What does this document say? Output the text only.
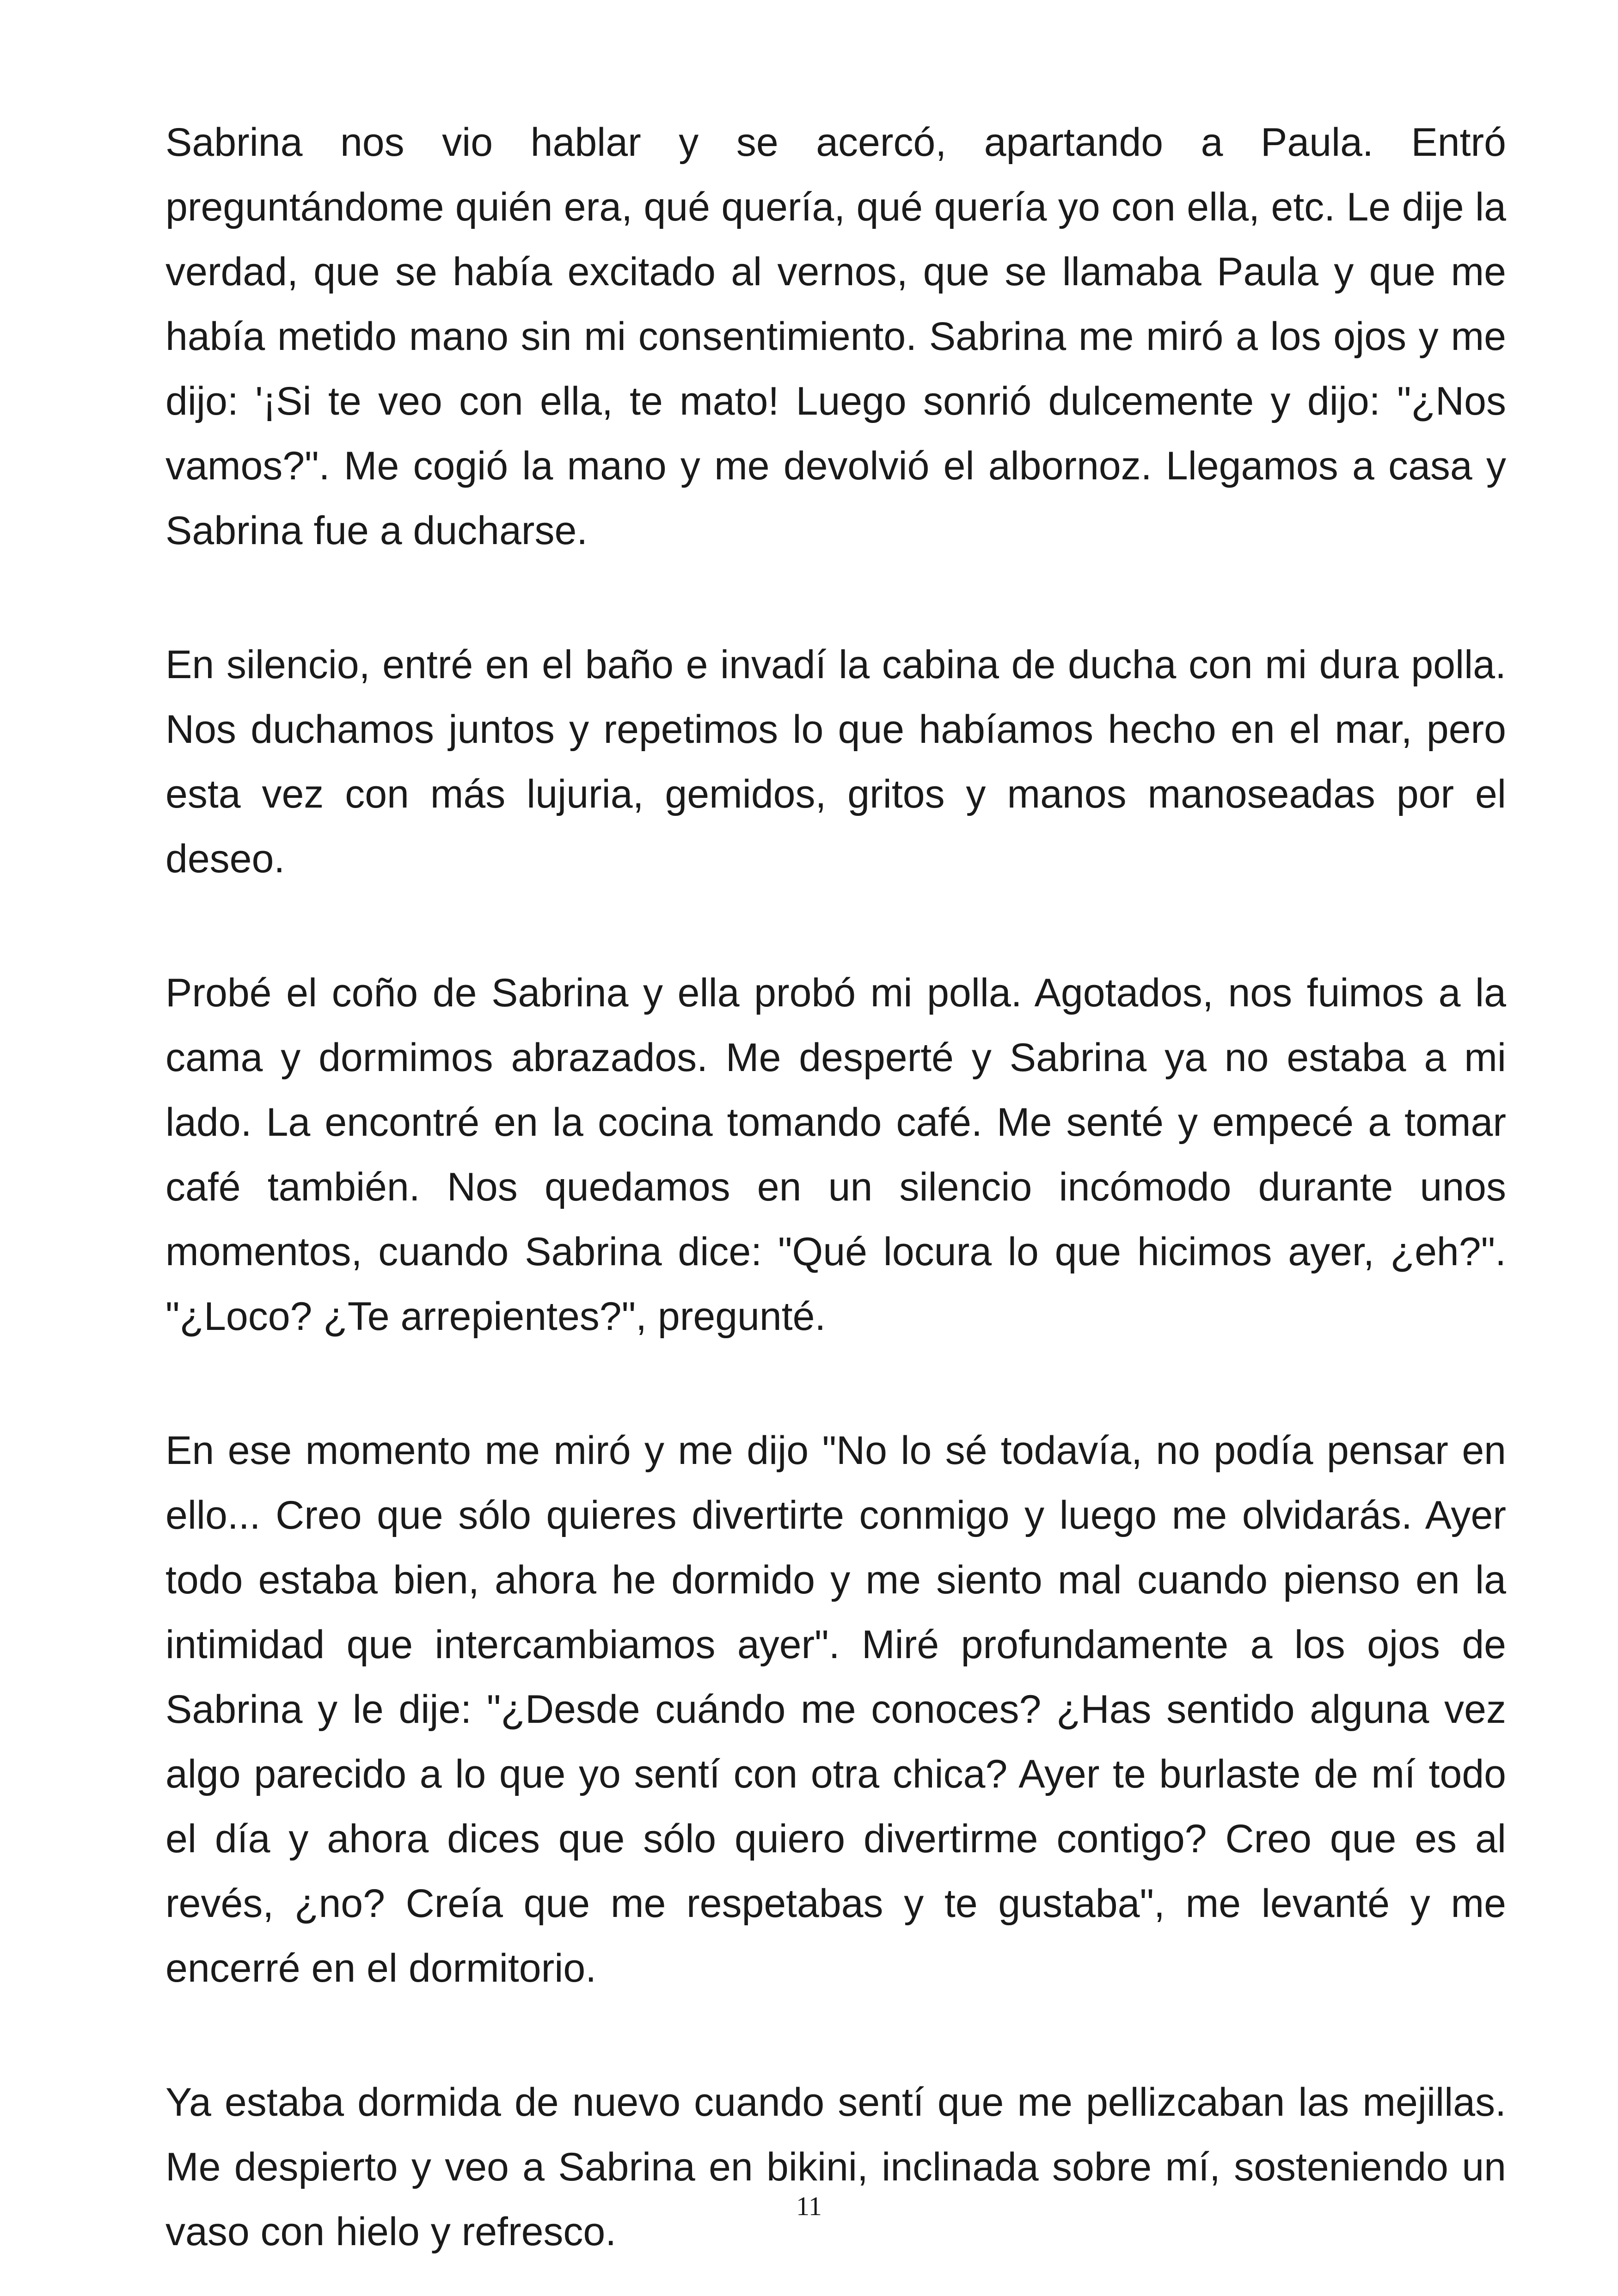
Sabrina nos vio hablar y se acercó, apartando a Paula. Entró preguntándome quién era, qué quería, qué quería yo con ella, etc. Le dije la verdad, que se había excitado al vernos, que se llamaba Paula y que me había metido mano sin mi consentimiento. Sabrina me miró a los ojos y me dijo: '¡Si te veo con ella, te mato! Luego sonrió dulcemente y dijo: "¿Nos vamos?". Me cogió la mano y me devolvió el albornoz. Llegamos a casa y Sabrina fue a ducharse.

En silencio, entré en el baño e invadí la cabina de ducha con mi dura polla. Nos duchamos juntos y repetimos lo que habíamos hecho en el mar, pero esta vez con más lujuria, gemidos, gritos y manos manoseadas por el deseo.

Probé el coño de Sabrina y ella probó mi polla. Agotados, nos fuimos a la cama y dormimos abrazados. Me desperté y Sabrina ya no estaba a mi lado. La encontré en la cocina tomando café. Me senté y empecé a tomar café también. Nos quedamos en un silencio incómodo durante unos momentos, cuando Sabrina dice: "Qué locura lo que hicimos ayer, ¿eh?". "¿Loco? ¿Te arrepientes?", pregunté.

En ese momento me miró y me dijo "No lo sé todavía, no podía pensar en ello... Creo que sólo quieres divertirte conmigo y luego me olvidarás. Ayer todo estaba bien, ahora he dormido y me siento mal cuando pienso en la intimidad que intercambiamos ayer". Miré profundamente a los ojos de Sabrina y le dije: "¿Desde cuándo me conoces? ¿Has sentido alguna vez algo parecido a lo que yo sentí con otra chica? Ayer te burlaste de mí todo el día y ahora dices que sólo quiero divertirme contigo? Creo que es al revés, ¿no? Creía que me respetabas y te gustaba", me levanté y me encerré en el dormitorio.

Ya estaba dormida de nuevo cuando sentí que me pellizcaban las mejillas. Me despierto y veo a Sabrina en bikini, inclinada sobre mí, sosteniendo un vaso con hielo y refresco.

11
